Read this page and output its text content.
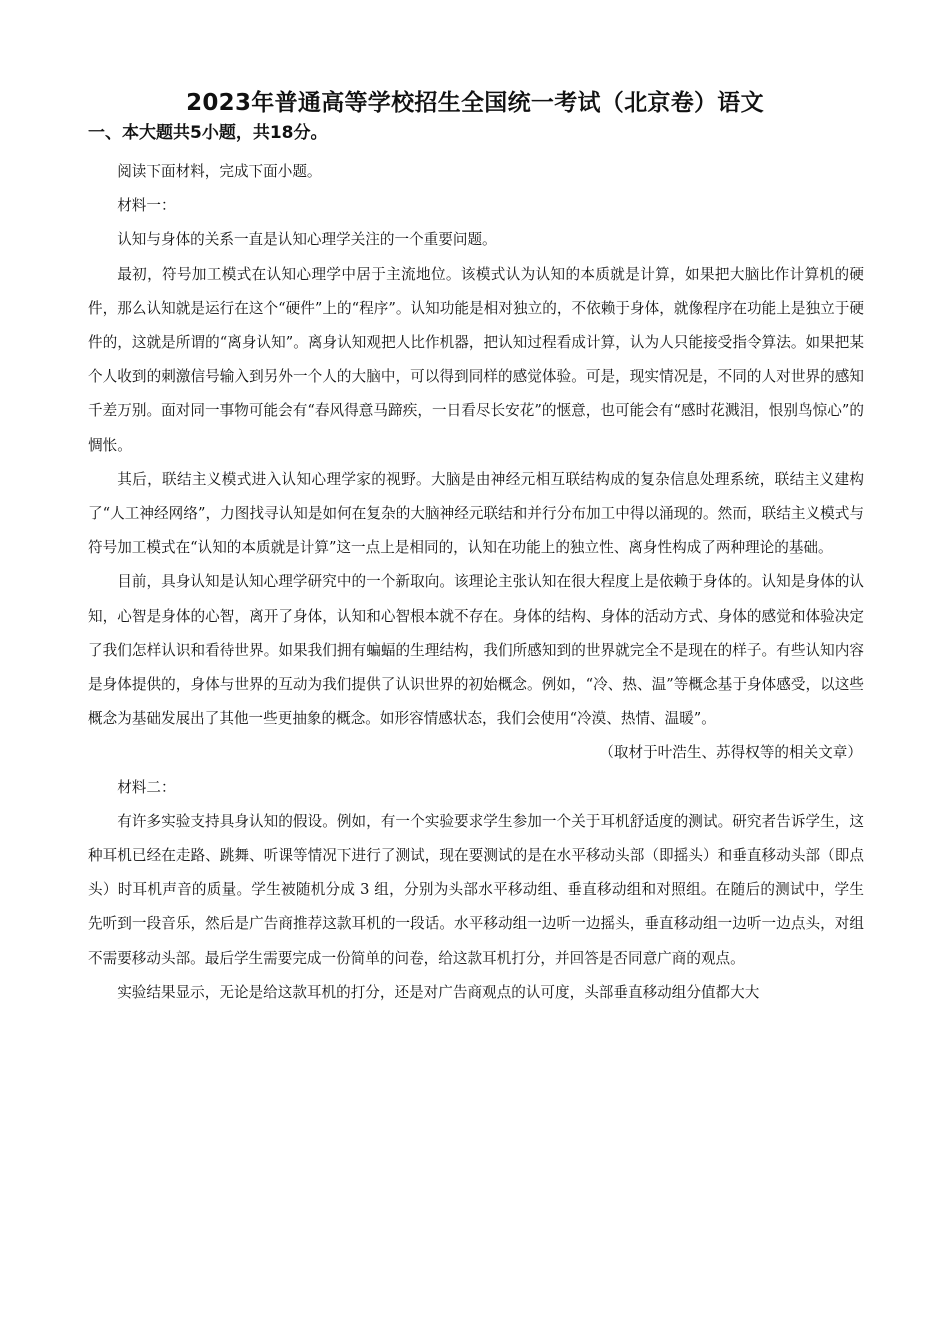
2023年普通高等学校招生全国统一考试（北京卷）语文
一、本大题共5小题，共18分。

阅读下面材料，完成下面小题。

材料一：

认知与身体的关系一直是认知心理学关注的一个重要问题。

最初，符号加工模式在认知心理学中居于主流地位。该模式认为认知的本质就是计算，如果把大脑比作计算机的硬件，那么认知就是运行在这个“硬件”上的“程序”。认知功能是相对独立的，不依赖于身体，就像程序在功能上是独立于硬件的，这就是所谓的“离身认知”。离身认知观把人比作机器，把认知过程看成计算，认为人只能接受指令算法。如果把某个人收到的刺激信号输入到另外一个人的大脑中，可以得到同样的感觉体验。可是，现实情况是，不同的人对世界的感知千差万别。面对同一事物可能会有“春风得意马蹄疾，一日看尽长安花”的惬意，也可能会有“感时花溅泪，恨别鸟惊心”的惆怅。

其后，联结主义模式进入认知心理学家的视野。大脑是由神经元相互联结构成的复杂信息处理系统，联结主义建构了“人工神经网络”，力图找寻认知是如何在复杂的大脑神经元联结和并行分布加工中得以涌现的。然而，联结主义模式与符号加工模式在“认知的本质就是计算”这一点上是相同的，认知在功能上的独立性、离身性构成了两种理论的基础。

目前，具身认知是认知心理学研究中的一个新取向。该理论主张认知在很大程度上是依赖于身体的。认知是身体的认知，心智是身体的心智，离开了身体，认知和心智根本就不存在。身体的结构、身体的活动方式、身体的感觉和体验决定了我们怎样认识和看待世界。如果我们拥有蝙蝠的生理结构，我们所感知到的世界就完全不是现在的样子。有些认知内容是身体提供的，身体与世界的互动为我们提供了认识世界的初始概念。例如，“冷、热、温”等概念基于身体感受，以这些概念为基础发展出了其他一些更抽象的概念。如形容情感状态，我们会使用“冷漠、热情、温暖”。

（取材于叶浩生、苏得权等的相关文章）

材料二：

有许多实验支持具身认知的假设。例如，有一个实验要求学生参加一个关于耳机舒适度的测试。研究者告诉学生，这种耳机已经在走路、跳舞、听课等情况下进行了测试，现在要测试的是在水平移动头部（即摇头）和垂直移动头部（即点头）时耳机声音的质量。学生被随机分成 3 组，分别为头部水平移动组、垂直移动组和对照组。在随后的测试中，学生先听到一段音乐，然后是广告商推荐这款耳机的一段话。水平移动组一边听一边摇头，垂直移动组一边听一边点头，对组不需要移动头部。最后学生需要完成一份简单的问卷，给这款耳机打分，并回答是否同意广商的观点。

实验结果显示，无论是给这款耳机的打分，还是对广告商观点的认可度，头部垂直移动组分值都大大
